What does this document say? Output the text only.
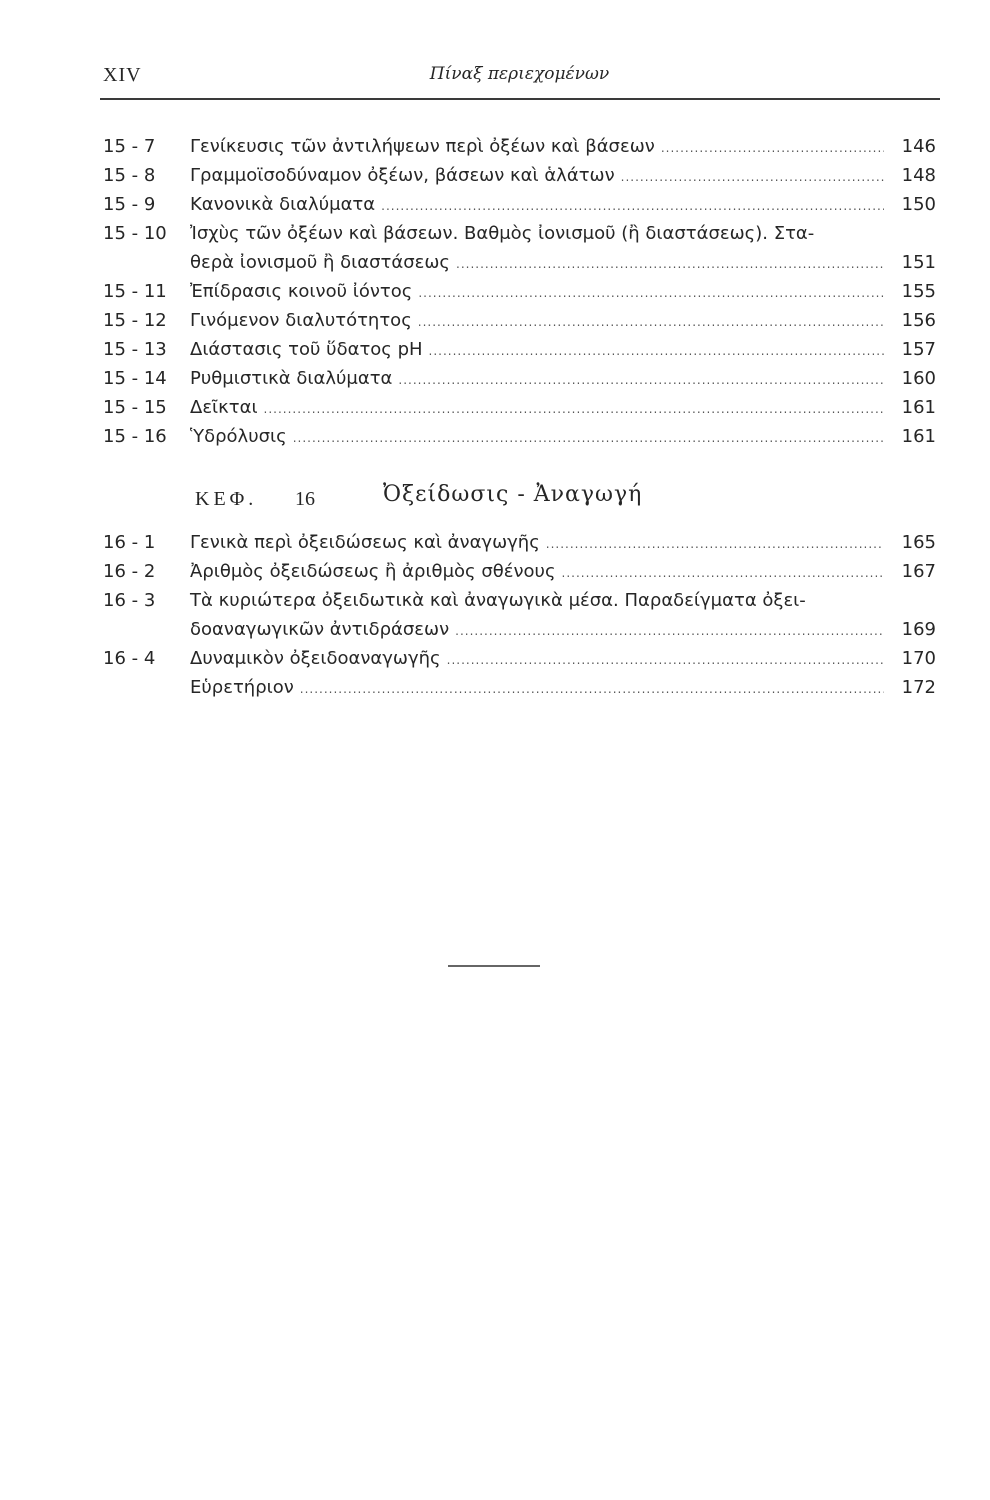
XIV	Πίναξ περιεχομένων
15 - 7	Γενίκευσις τῶν ἀντιλήψεων περὶ ὀξέων καὶ βάσεων .....	146
15 - 8	Γραμμοϊσοδύναμον ὀξέων, βάσεων καὶ ἁλάτων .....	148
15 - 9	Κανονικὰ διαλύματα .....	150
15 - 10	Ἰσχὺς τῶν ὀξέων καὶ βάσεων. Βαθμὸς ἰονισμοῦ (ἢ διαστάσεως). Στα-
θερὰ ἰονισμοῦ ἢ διαστάσεως .....	151
15 - 11	Ἐπίδρασις κοινοῦ ἰόντος .....	155
15 - 12	Γινόμενον διαλυτότητος .....	156
15 - 13	Διάστασις τοῦ ὕδατος pH .....	157
15 - 14	Ρυθμιστικὰ διαλύματα .....	160
15 - 15	Δεῖκται .....	161
15 - 16	Ὑδρόλυσις .....	161
ΚΕΦ. 16	Ὀξείδωσις - Ἀναγωγή
16 - 1	Γενικὰ περὶ ὀξειδώσεως καὶ ἀναγωγῆς .....	165
16 - 2	Ἀριθμὸς ὀξειδώσεως ἢ ἀριθμὸς σθένους .....	167
16 - 3	Τὰ κυριώτερα ὀξειδωτικὰ καὶ ἀναγωγικὰ μέσα. Παραδείγματα ὀξει-
δοαναγωγικῶν ἀντιδράσεων .....	169
16 - 4	Δυναμικὸν ὀξειδοαναγωγῆς .....	170
Εὑρετήριον .....	172
